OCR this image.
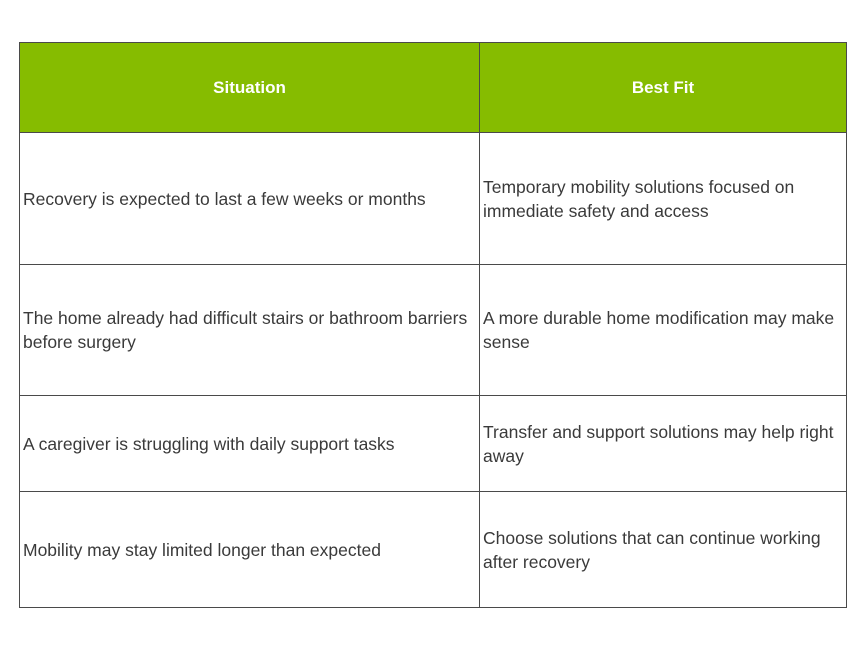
Situation	Best Fit
Recovery is expected to last a few weeks or months	Temporary mobility solutions focused on immediate safety and access
The home already had difficult stairs or bathroom barriers before surgery	A more durable home modification may make sense
A caregiver is struggling with daily support tasks	Transfer and support solutions may help right away
Mobility may stay limited longer than expected	Choose solutions that can continue working after recovery
